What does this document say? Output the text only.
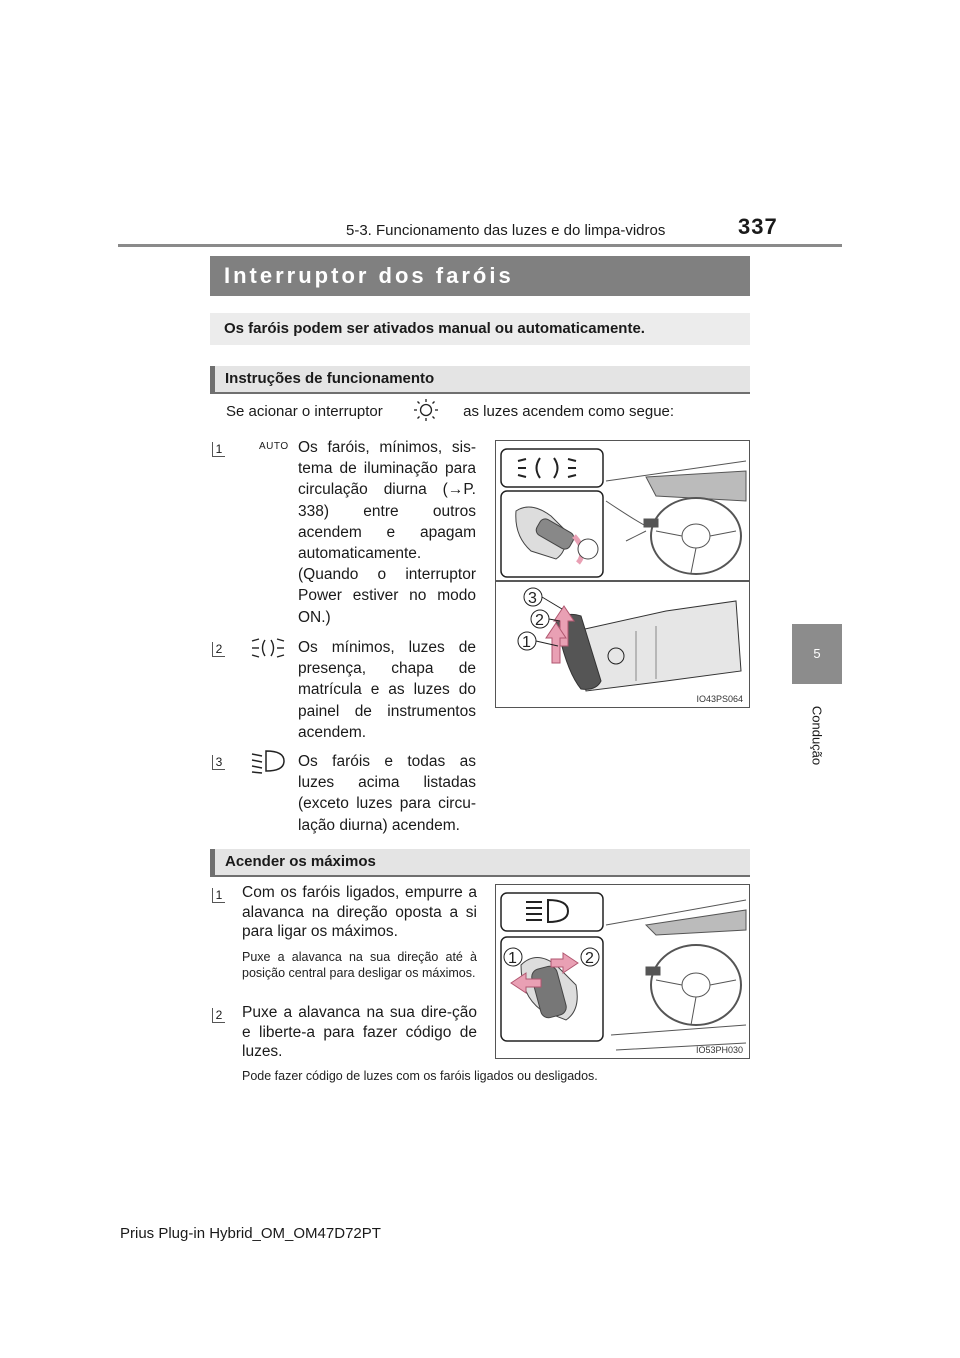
5-3. Funcionamento das luzes e do limpa-vidros	337
5
Condução
Interruptor dos faróis
Os faróis podem ser ativados manual ou automaticamente.
Instruções de funcionamento
Se acionar o interruptor	as luzes acendem como segue:
1	AUTO Os faróis, mínimos, sis-tema de iluminação para circulação diurna (→P. 338) entre outros acendem e apagam automaticamente. (Quando o interruptor Power estiver no modo ON.)
2	Os mínimos, luzes de presença, chapa de matrícula e as luzes do painel de instrumentos acendem.
3	Os faróis e todas as luzes acima listadas (exceto luzes para circu-lação diurna) acendem.
3
2
1
IO43PS064
Acender os máximos
1 Com os faróis ligados, empurre a alavanca na direção oposta a si para ligar os máximos.
Puxe a alavanca na sua direção até à posição central para desligar os máximos.
2 Puxe a alavanca na sua dire-ção e liberte-a para fazer código de luzes.
Pode fazer código de luzes com os faróis ligados ou desligados.
1	2
IO53PH030
Prius Plug-in Hybrid_OM_OM47D72PT
